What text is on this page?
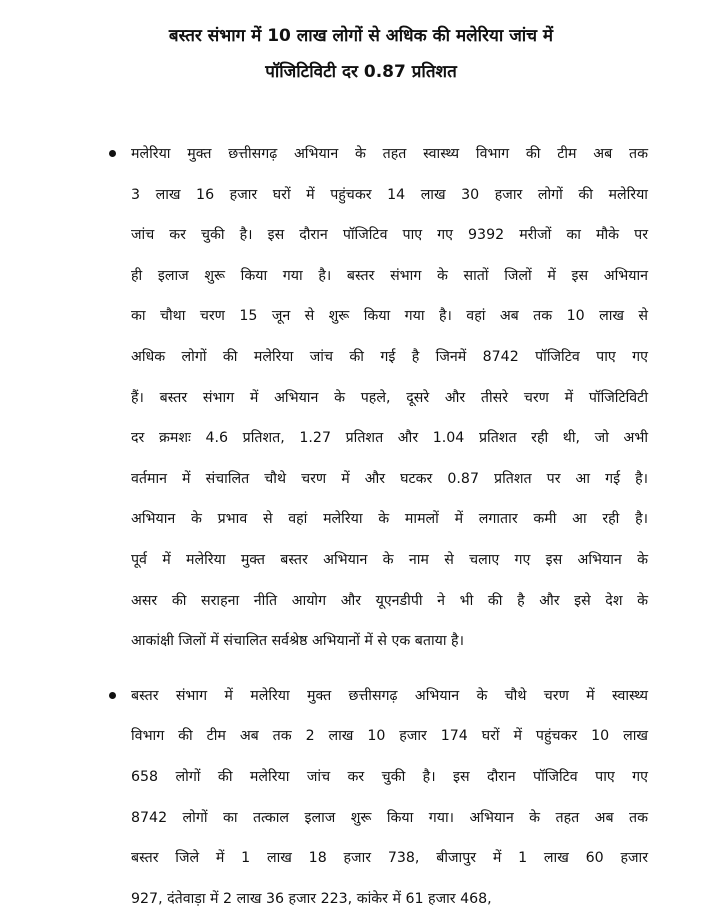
बस्तर संभाग में 10 लाख लोगों से अधिक की मलेरिया जांच में
पॉजिटिविटी दर 0.87 प्रतिशत
मलेरिया मुक्त छत्तीसगढ़ अभियान के तहत स्वास्थ्य विभाग की टीम अब तक
3 लाख 16 हजार घरों में पहुंचकर 14 लाख 30 हजार लोगों की मलेरिया
जांच कर चुकी है। इस दौरान पॉजिटिव पाए गए 9392 मरीजों का मौके पर
ही इलाज शुरू किया गया है। बस्तर संभाग के सातों जिलों में इस अभियान
का चौथा चरण 15 जून से शुरू किया गया है। वहां अब तक 10 लाख से
अधिक लोगों की मलेरिया जांच की गई है जिनमें 8742 पॉजिटिव पाए गए
हैं। बस्तर संभाग में अभियान के पहले, दूसरे और तीसरे चरण में पॉजिटिविटी
दर क्रमशः 4.6 प्रतिशत, 1.27 प्रतिशत और 1.04 प्रतिशत रही थी, जो अभी
वर्तमान में संचालित चौथे चरण में और घटकर 0.87 प्रतिशत पर आ गई है।
अभियान के प्रभाव से वहां मलेरिया के मामलों में लगातार कमी आ रही है।
पूर्व में मलेरिया मुक्त बस्तर अभियान के नाम से चलाए गए इस अभियान के
असर की सराहना नीति आयोग और यूएनडीपी ने भी की है और इसे देश के
आकांक्षी जिलों में संचालित सर्वश्रेष्ठ अभियानों में से एक बताया है।
बस्तर संभाग में मलेरिया मुक्त छत्तीसगढ़ अभियान के चौथे चरण में स्वास्थ्य
विभाग की टीम अब तक 2 लाख 10 हजार 174 घरों में पहुंचकर 10 लाख
658 लोगों की मलेरिया जांच कर चुकी है। इस दौरान पॉजिटिव पाए गए
8742 लोगों का तत्काल इलाज शुरू किया गया। अभियान के तहत अब तक
बस्तर जिले में 1 लाख 18 हजार 738, बीजापुर में 1 लाख 60 हजार
927, दंतेवाड़ा में 2 लाख 36 हजार 223, कांकेर में 61 हजार 468,
